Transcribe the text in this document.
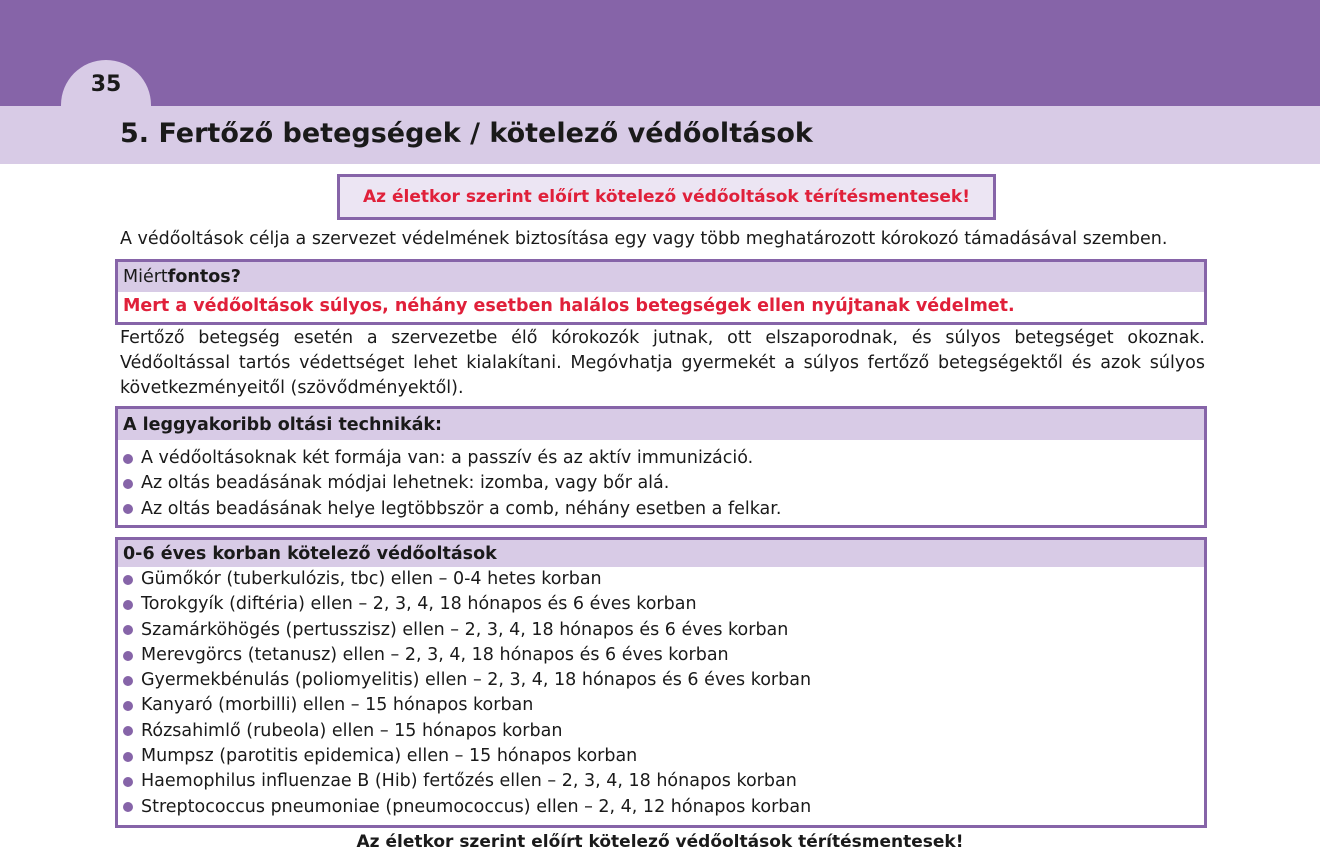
35
5. Fertőző betegségek / kötelező védőoltások
Az életkor szerint előírt kötelező védőoltások térítésmentesek!
A védőoltások célja a szervezet védelmének biztosítása egy vagy több meghatározott kórokozó támadásával szemben.
Miért fontos?
Mert a védőoltások súlyos, néhány esetben halálos betegségek ellen nyújtanak védelmet.
Fertőző betegség esetén a szervezetbe élő kórokozók jutnak, ott elszaporodnak, és súlyos betegséget okoznak. Védőoltással tartós védettséget lehet kialakítani. Megóvhatja gyermekét a súlyos fertőző betegségektől és azok súlyos következményeitől (szövődményektől).
A leggyakoribb oltási technikák:
A védőoltásoknak két formája van: a passzív és az aktív immunizáció.
Az oltás beadásának módjai lehetnek: izomba, vagy bőr alá.
Az oltás beadásának helye legtöbbször a comb, néhány esetben a felkar.
0-6 éves korban kötelező védőoltások
Gümőkór (tuberkulózis, tbc) ellen – 0-4 hetes korban
Torokgyík (diftéria) ellen – 2, 3, 4, 18 hónapos és 6 éves korban
Szamárköhögés (pertusszisz) ellen – 2, 3, 4, 18 hónapos és 6 éves korban
Merevgörcs (tetanusz) ellen – 2, 3, 4, 18 hónapos és 6 éves korban
Gyermekbénulás (poliomyelitis) ellen – 2, 3, 4, 18 hónapos és 6 éves korban
Kanyaró (morbilli) ellen – 15 hónapos korban
Rózsahimlő (rubeola) ellen – 15 hónapos korban
Mumpsz (parotitis epidemica) ellen – 15 hónapos korban
Haemophilus influenzae B (Hib) fertőzés ellen – 2, 3, 4, 18 hónapos korban
Streptococcus pneumoniae (pneumococcus) ellen – 2, 4, 12 hónapos korban
Az életkor szerint előírt kötelező védőoltások térítésmentesek!
